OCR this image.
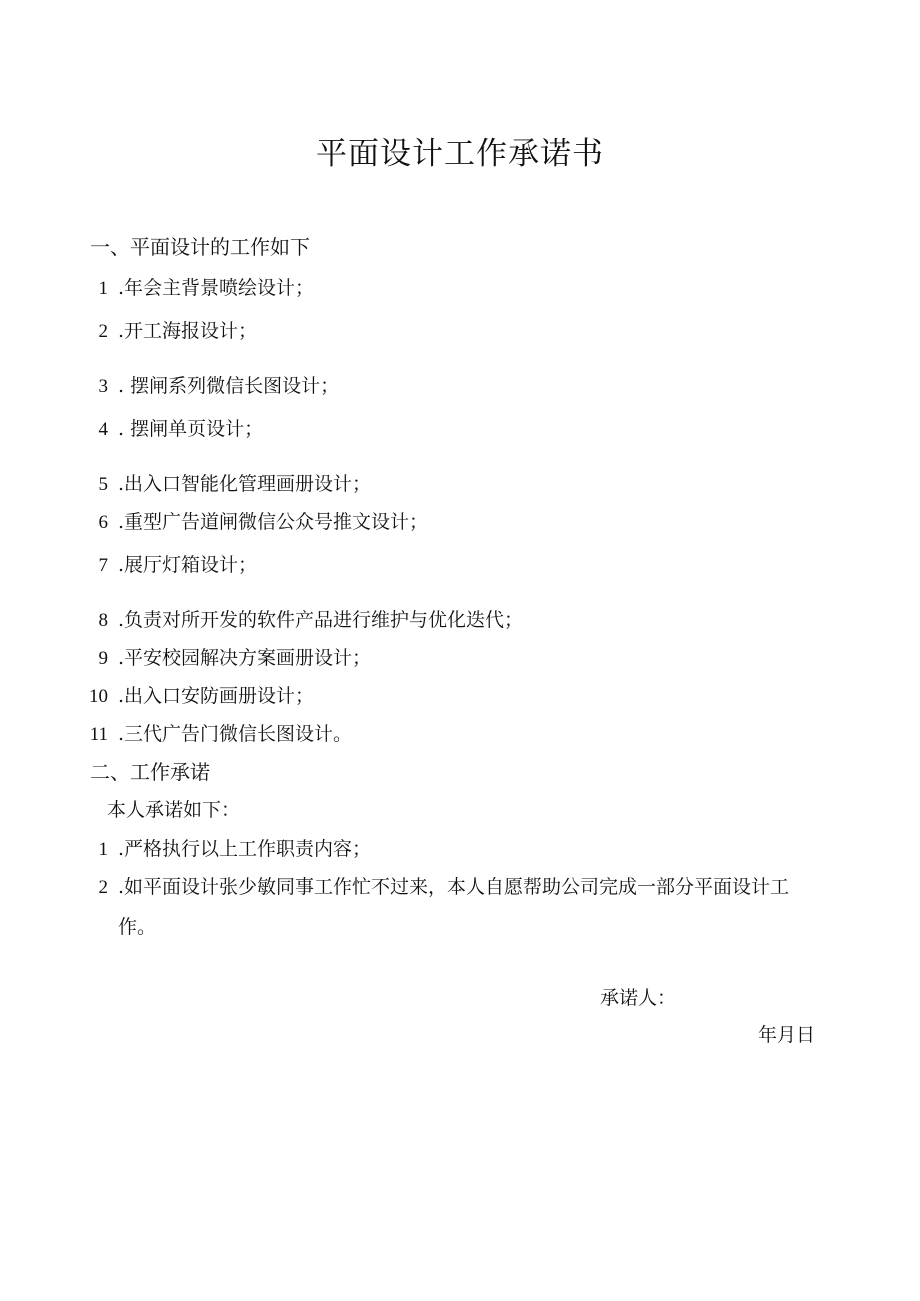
平面设计工作承诺书
一、平面设计的工作如下
1 .年会主背景喷绘设计；
2 .开工海报设计；
3 . 摆闸系列微信长图设计；
4 . 摆闸单页设计；
5 .出入口智能化管理画册设计；
6 .重型广告道闸微信公众号推文设计；
7 .展厅灯箱设计；
8 .负责对所开发的软件产品进行维护与优化迭代；
9 .平安校园解决方案画册设计；
10 .出入口安防画册设计；
11 .三代广告门微信长图设计。
二、工作承诺
本人承诺如下：
1 .严格执行以上工作职责内容；
2 .如平面设计张少敏同事工作忙不过来，本人自愿帮助公司完成一部分平面设计工作。
承诺人：
年月日
